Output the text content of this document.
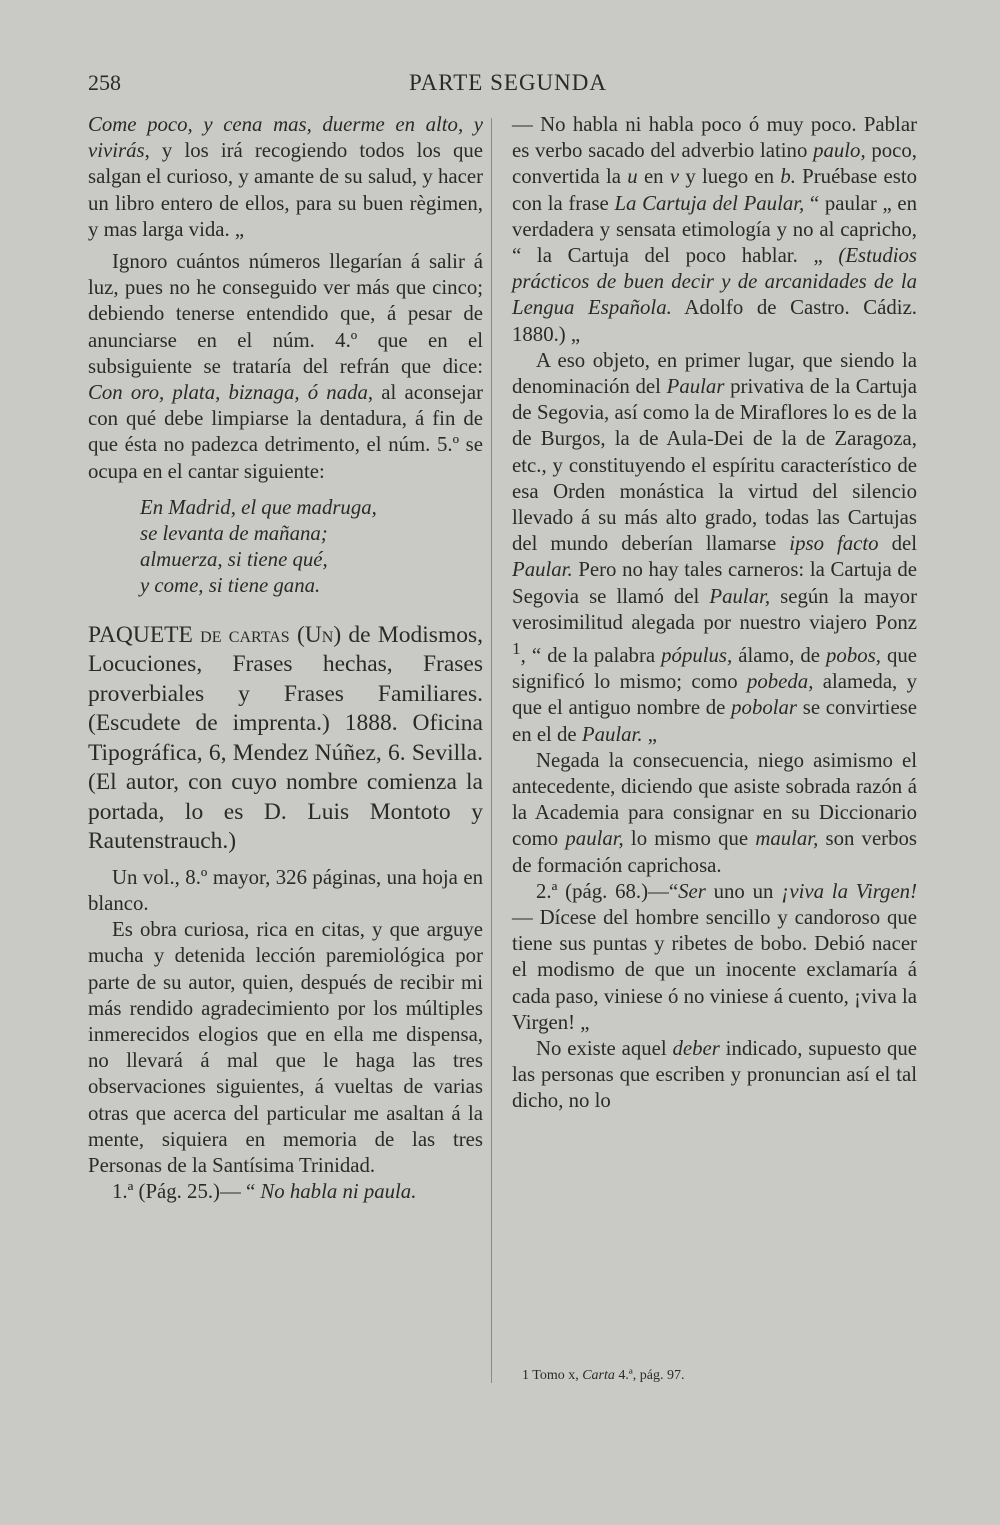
258	PARTE SEGUNDA

Come poco, y cena mas, duerme en alto, y vivirás, y los irá recogiendo todos los que salgan el curioso, y amante de su salud, y hacer un libro entero de ellos, para su buen règimen, y mas larga vida. „

Ignoro cuántos números llegarían á salir á luz, pues no he conseguido ver más que cinco; debiendo tenerse entendido que, á pesar de anunciarse en el núm. 4.º que en el subsiguiente se trataría del refrán que dice: Con oro, plata, biznaga, ó nada, al aconsejar con qué debe limpiarse la dentadura, á fin de que ésta no padezca detrimento, el núm. 5.º se ocupa en el cantar siguiente:

En Madrid, el que madruga,
se levanta de mañana;
almuerza, si tiene qué,
y come, si tiene gana.

PAQUETE de cartas (Un) de Modismos, Locuciones, Frases hechas, Frases proverbiales y Frases Familiares. (Escudete de imprenta.) 1888. Oficina Tipográfica, 6, Mendez Núñez, 6. Sevilla. (El autor, con cuyo nombre comienza la portada, lo es D. Luis Montoto y Rautenstrauch.)

Un vol., 8.º mayor, 326 páginas, una hoja en blanco.

Es obra curiosa, rica en citas, y que arguye mucha y detenida lección paremiológica por parte de su autor, quien, después de recibir mi más rendido agradecimiento por los múltiples inmerecidos elogios que en ella me dispensa, no llevará á mal que le haga las tres observaciones siguientes, á vueltas de varias otras que acerca del particular me asaltan á la mente, siquiera en memoria de las tres Personas de la Santísima Trinidad.

1.ª (Pág. 25.)— “ No habla ni paula.

— No habla ni habla poco ó muy poco. Pablar es verbo sacado del adverbio latino paulo, poco, convertida la u en v y luego en b. Pruébase esto con la frase La Cartuja del Paular, “ paular „ en verdadera y sensata etimología y no al capricho, “ la Cartuja del poco hablar. „ (Estudios prácticos de buen decir y de arcanidades de la Lengua Española. Adolfo de Castro. Cádiz. 1880.) „

A eso objeto, en primer lugar, que siendo la denominación del Paular privativa de la Cartuja de Segovia, así como la de Miraflores lo es de la de Burgos, la de Aula-Dei de la de Zaragoza, etc., y constituyendo el espíritu característico de esa Orden monástica la virtud del silencio llevado á su más alto grado, todas las Cartujas del mundo deberían llamarse ipso facto del Paular. Pero no hay tales carneros: la Cartuja de Segovia se llamó del Paular, según la mayor verosimilitud alegada por nuestro viajero Ponz $^1$, “ de la palabra pópulus, álamo, de pobos, que significó lo mismo; como pobeda, alameda, y que el antiguo nombre de pobolar se convirtiese en el de Paular. „

Negada la consecuencia, niego asimismo el antecedente, diciendo que asiste sobrada razón á la Academia para consignar en su Diccionario como paular, lo mismo que maular, son verbos de formación caprichosa.

2.ª (pág. 68.)—“Ser uno un ¡viva la Virgen!— Dícese del hombre sencillo y candoroso que tiene sus puntas y ribetes de bobo. Debió nacer el modismo de que un inocente exclamaría á cada paso, viniese ó no viniese á cuento, ¡viva la Virgen! „

No existe aquel deber indicado, supuesto que las personas que escriben y pronuncian así el tal dicho, no lo

1 Tomo x, Carta 4.ª, pág. 97.
